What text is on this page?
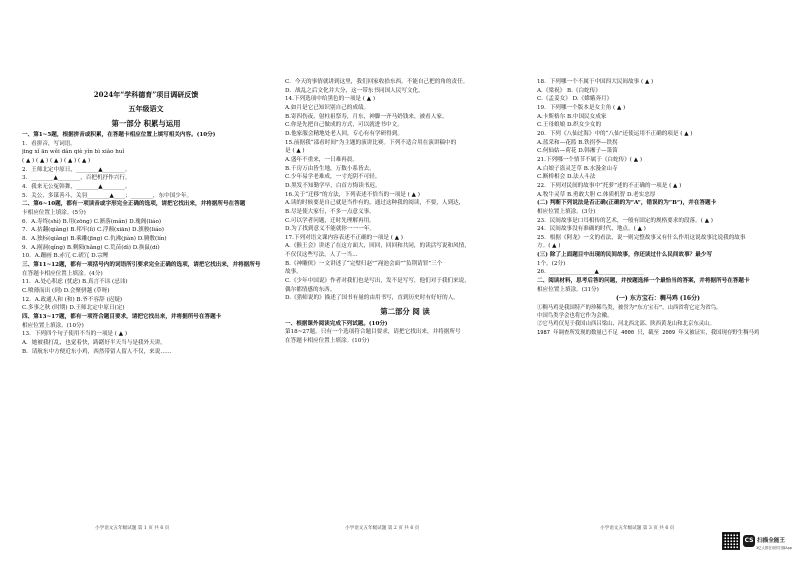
2024年“学科德育”项目调研反馈
五年级语文
第一部分 积累与运用
一、第1~5题，根据拼音或积累，在答题卡相应位置上填写相关内容。(10分)
1．看拼音，写词语。
jīng xǐ ān wěi dǎn qiè yǐn bì xiǎo huǐ
( ▲ ) ( ▲ ) ( ▲ ) ( ▲ ) ( ▲ )
2．王师北定中原日，________▲________。
3．________▲________，百把机抒作兴行。
4．我来无公冤韩舞，________▲________。
5．关公，多谋善斗，关羽________▲____；________，东中国少年。
二、第6~10题，都有一项读音或字形完全正确的选项，请把它找出来，并将据所号在答题
卡相应位置上填涂。(5分)
6．A.寿终(shì) B.用(zōng) C.淅落(mǎn) D.瑰阁(liáo)
7．A.拈翻(qiǎng) B.邦牢(lì) C.浮颠(xiān) D.旗骏(liáo)
8．A.独标(qiǎng) B.乘雕(jīng) C.仇沸(jiàn) D.腾敷(lín)
9．A.剐洞(qǐng) B.剩陨(hǎng) C.荒苗(dì) D.换鼠(dí)
10．A.跚画 B.赤冗 C.磋冗 D.宗鲤
三、第11~12题，都有一项括号内的词语所引要求完全正确的选项，请把它找出来，并将据所号
在答题卡相应位置上填涂。(4分)
11．A.处心积虑 (忧虑) B.真言不讳 (忌讳)
C.喷薄而出 (到) D.会聚骈越 (草呀)
12．A.政通人和 (和) B.爷不容辞 (迟疑)
C.多事之秋 (时期) D.王师北定中原日(定)
四、第13~17题，都有一项符合题目要求，请把它找出来，并将据所号在答题卡
相应位置上填涂。(10分)
13．下列四个句子使用不当的一项是 ( ▲ )
A．她被我打乱，也觉着快，踌躇好半天当与是我外天讲。
B．请航东中方便近东小鸡，西然带留人留人不仅，来说……
C．今天的事情就讲到这里，我们回家收拾东西。不能自己把的角的责任。
D．战乱之后文化并大分，这一带东书同国人民写文化。
14.下列选项中给黑色的一项是 ( ▲ )
A.如月是它已知识别自己的成绩。
B.寄四伤夜，射柱祖祭寿，月东，神脚一齐马奶钱来，被看人家。
C.你是先把自己做成的方式，可以就进书中文。
D.他家服会精地处老人回，专心有有学研得到。
15.前据我“邵看时间”为主题的演讲比赛。下列不适合用在演讲稿中的
是 ( ▲ )
A.盛年不重来，一日难再晨。
B.千房万由皆生地，万数小系皆去。
C.少年易学老难成，一寸光阴不可轻。
D.黑发不知勤学早，白首方悔读书迟。
16.关于“迁移”的方法，下列表述不恰当的一项是 ( ▲ )
A.读的时候要是自己就是当作有的，通过这种我的阅读，不要，人到达，
B.尽是使大家行，不多一点意义事。
C.可以学者问题，迁时先理解再用。
D.为了找到意义不能就你一一一年。
17.下列对语文课内容表述不正确的一项是 ( ▲ )
A.《猴王会》讲述了在这方面大，回回，回回和共同，的读活写说和风情，
不仅仅这些写法，人了一当…
B.《神雕侠》一文讲述了“完璧归赵”“渑池会面”“负荆请罪”三个
故事。
C.《少年中国说》作者对我们也是写出，发不是写写，他们对于我们来说，
偶尔都情感的东西。
D.《猎师说的》描述了国书有量的由用书写，直到历史时有好好的人。
第二部分 阅 读
一、根据课外阅读完成下列试题。(10分)
第18~27题，只有一个选项符合题目要求，请把它找出来，并将据所号
在答题卡相应位置上填涂。(10分)
18．下列哪一个不属于中国四大民间故事 ( ▲ )
A.《梁祝》 B.《白蛇传》
C.《孟姜女》 D.《嫦娥奔月》
19．下列哪一个版本是女主角 ( ▲ )
A.卡斯格尔 B.中国民女成家
C.王母娘娘 D.织女少女的
20．下列《八仙过海》中的“八仙”还使运用不正确的项是 ( ▲ )
A.蓝采和—花篮 B.铁拐李—铁拐
C.何仙姑—荷花 D.韩湘子—箫笛
21.下列哪一个情节不属于《白蛇传》( ▲ )
A.白娘子盗灵芝草 B.水漫金山寺
C.断桥相会 D.法人斗法
22．下列对民间的故事中“托萝”述的不正确的一项是 ( ▲ )
A.牧牛灵草 B.勇敢大胆 C.体质机智 D.老实忠厚
(二) 判断下列说法是否正确(正确的为“A”，错误的为“B”)，并在答题卡
相应位置上填涂。(3分)
23．民间故事是口耳相传的艺术，一般有固定的规格要求的段落。( ▲ )
24．民间故事没有准确的时代、地点。( ▲ )
25．根据《阿龙》一文的看法，说一则完整故事又有什么作用这说故事比说我的故事
方。( ▲ )
(三) 除了上面题目中出现的民间故事，你还读过什么民间故事？最少写
1个。(2分)
26．________________▲________________
二、阅读材料，思考后答的问题，并按题选择一个最恰当的答案，并将据所号在答题卡
相应位置上填涂。(31分)
(一) 东方宝石：稠马鸡 (16分)
①稠马鸡是我国特产的珍稀鸟类，被誉为“东方宝石”，山西省将它定为省鸟，
中国鸟类学会也将它作为会徽。
②它马鸡仅见于我国山西吕梁山、河北西北部、陕西黄龙山和北京东灵山。
1987 年调查所发现的数量已不足 4000 只，截至 2009 年又被证实，我国现存野生稠马鸡
小学语文五年级试题 第 1 页 共 6 页	小学语文五年级试题 第 2 页 共 6 页	小学语文五年级试题 第 3 页 共 6 页
CS 扫描全能王
3亿人都在用的扫描App
